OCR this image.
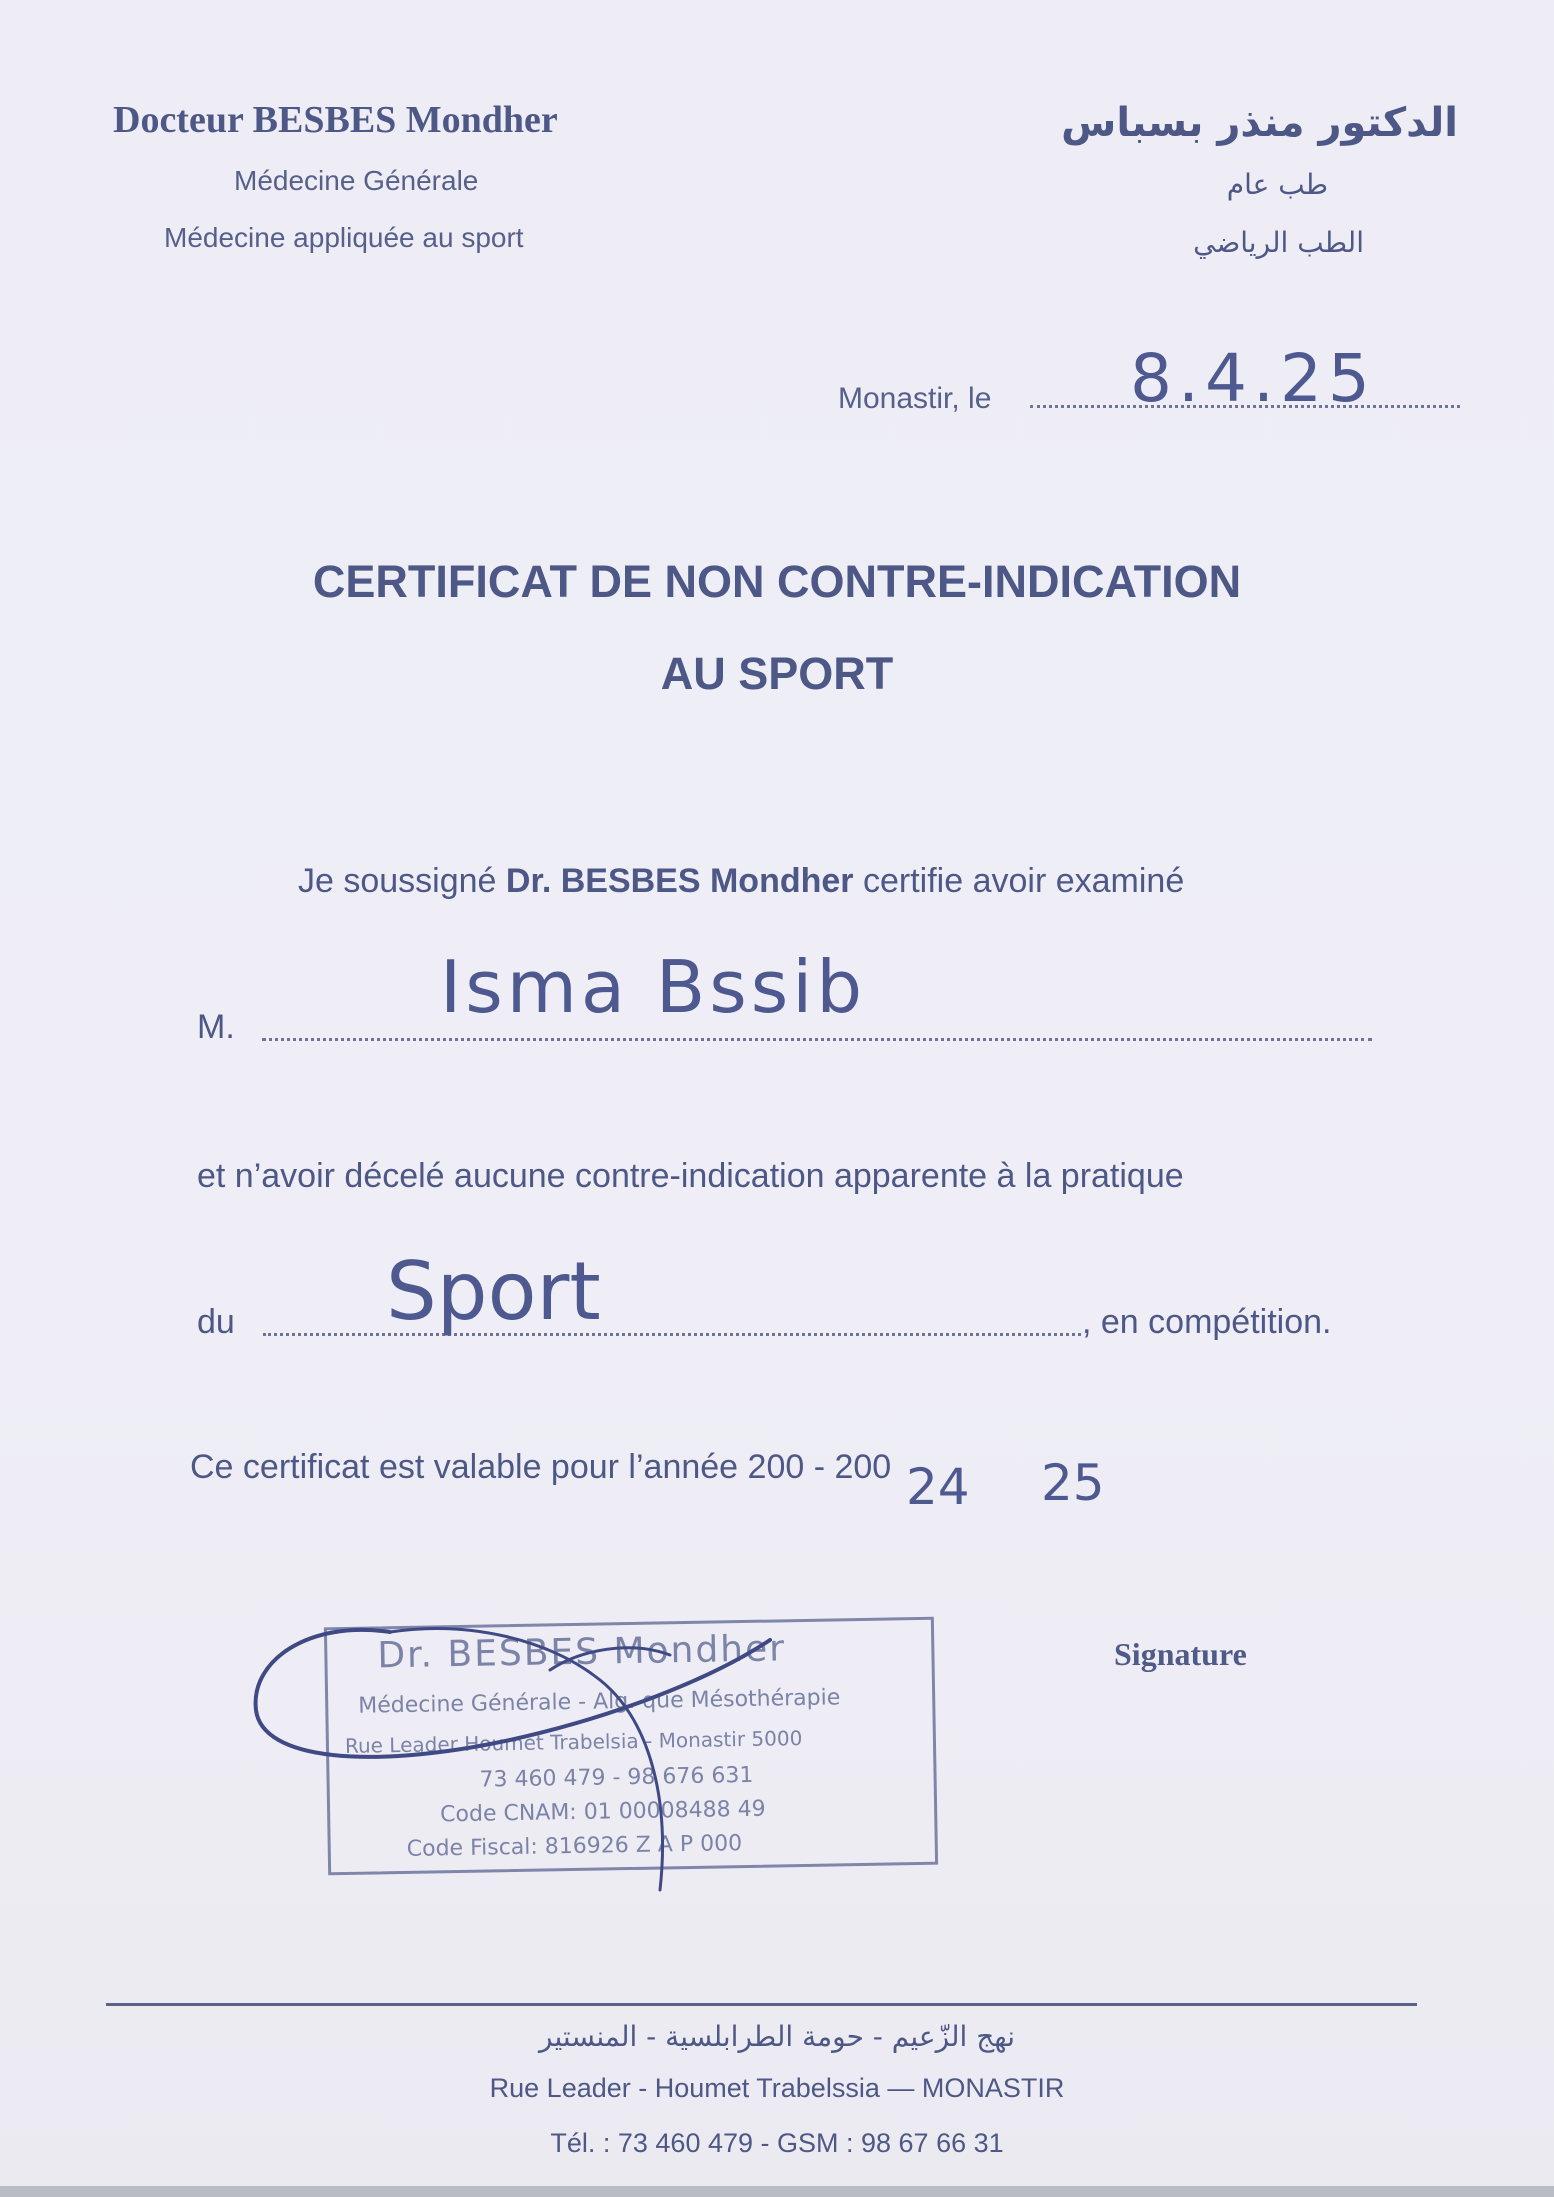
Docteur BESBES Mondher
Médecine Générale
Médecine appliquée au sport
الدكتور منذر بسباس
طب عام
الطب الرياضي
Monastir, le 8.4.25
CERTIFICAT DE NON CONTRE-INDICATION
AU SPORT
Je soussigné Dr. BESBES Mondher certifie avoir examiné
M.	Isma Bssib
et n’avoir décelé aucune contre-indication apparente à la pratique
du	, en compétition.
Sport
Ce certificat est valable pour l’année 200 - 200 24 25
Dr. BESBES Mondher
Médecine Générale - Alg. que Mésothérapie
Rue Leader Houmet Trabelsia - Monastir 5000
73 460 479 - 98 676 631
Code CNAM: 01 00008488 49
Code Fiscal: 816926 Z A P 000
Signature
نهج الزّعيم - حومة الطرابلسية - المنستير
Rue Leader - Houmet Trabelssia — MONASTIR
Tél. : 73 460 479 - GSM : 98 67 66 31
